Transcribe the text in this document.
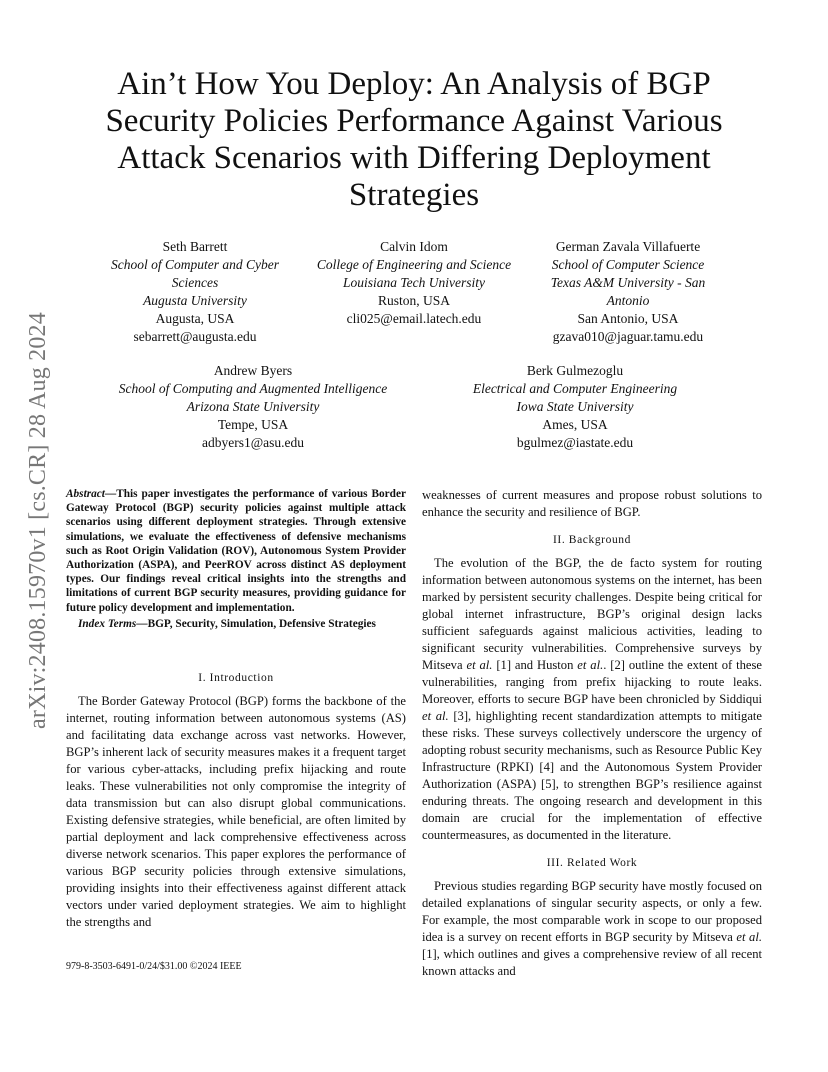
arXiv:2408.15970v1 [cs.CR] 28 Aug 2024
Ain’t How You Deploy: An Analysis of BGP Security Policies Performance Against Various Attack Scenarios with Differing Deployment Strategies
Seth Barrett
School of Computer and Cyber Sciences
Augusta University
Augusta, USA
sebarrett@augusta.edu
Calvin Idom
College of Engineering and Science
Louisiana Tech University
Ruston, USA
cli025@email.latech.edu
German Zavala Villafuerte
School of Computer Science
Texas A&M University - San Antonio
San Antonio, USA
gzava010@jaguar.tamu.edu
Andrew Byers
School of Computing and Augmented Intelligence
Arizona State University
Tempe, USA
adbyers1@asu.edu
Berk Gulmezoglu
Electrical and Computer Engineering
Iowa State University
Ames, USA
bgulmez@iastate.edu

Abstract—This paper investigates the performance of various Border Gateway Protocol (BGP) security policies against multiple attack scenarios using different deployment strategies. Through extensive simulations, we evaluate the effectiveness of defensive mechanisms such as Root Origin Validation (ROV), Autonomous System Provider Authorization (ASPA), and PeerROV across distinct AS deployment types. Our findings reveal critical insights into the strengths and limitations of current BGP security measures, providing guidance for future policy development and implementation.

Index Terms—BGP, Security, Simulation, Defensive Strategies

I. Introduction

The Border Gateway Protocol (BGP) forms the backbone of the internet, routing information between autonomous systems (AS) and facilitating data exchange across vast networks. However, BGP’s inherent lack of security measures makes it a frequent target for various cyber-attacks, including prefix hijacking and route leaks. These vulnerabilities not only compromise the integrity of data transmission but can also disrupt global communications. Existing defensive strategies, while beneficial, are often limited by partial deployment and lack comprehensive effectiveness across diverse network scenarios. This paper explores the performance of various BGP security policies through extensive simulations, providing insights into their effectiveness against different attack vectors under varied deployment strategies. We aim to highlight the strengths and

weaknesses of current measures and propose robust solutions to enhance the security and resilience of BGP.

II. Background

The evolution of the BGP, the de facto system for routing information between autonomous systems on the internet, has been marked by persistent security challenges. Despite being critical for global internet infrastructure, BGP’s original design lacks sufficient safeguards against malicious activities, leading to significant security vulnerabilities. Comprehensive surveys by Mitseva et al. [1] and Huston et al.. [2] outline the extent of these vulnerabilities, ranging from prefix hijacking to route leaks. Moreover, efforts to secure BGP have been chronicled by Siddiqui et al. [3], highlighting recent standardization attempts to mitigate these risks. These surveys collectively underscore the urgency of adopting robust security mechanisms, such as Resource Public Key Infrastructure (RPKI) [4] and the Autonomous System Provider Authorization (ASPA) [5], to strengthen BGP’s resilience against enduring threats. The ongoing research and development in this domain are crucial for the implementation of effective countermeasures, as documented in the literature.

III. Related Work

Previous studies regarding BGP security have mostly focused on detailed explanations of singular security aspects, or only a few. For example, the most comparable work in scope to our proposed idea is a survey on recent efforts in BGP security by Mitseva et al. [1], which outlines and gives a comprehensive review of all recent known attacks and

979-8-3503-6491-0/24/$31.00 ©2024 IEEE
